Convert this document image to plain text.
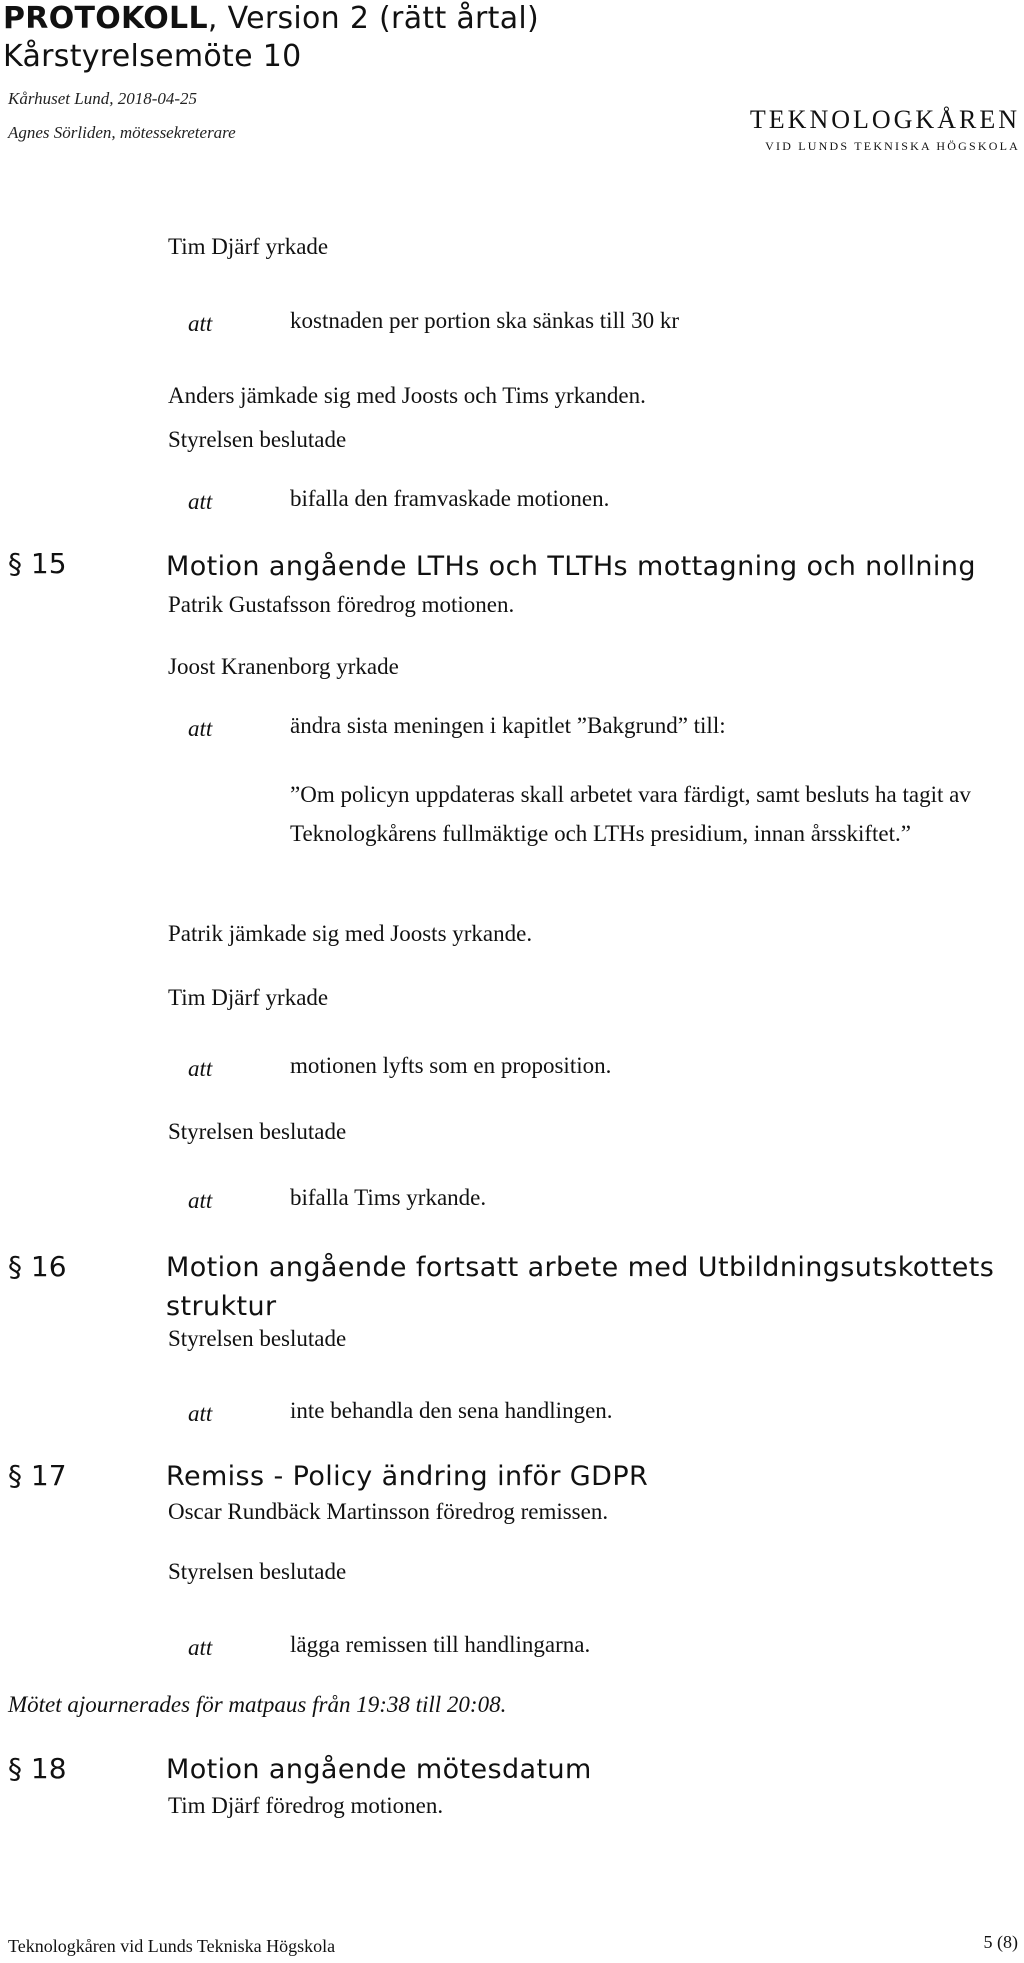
PROTOKOLL, Version 2 (rätt årtal)
Kårstyrelsemöte 10
Kårhuset Lund, 2018-04-25
Agnes Sörliden, mötessekreterare	TEKNOLOGKÅREN
VID LUNDS TEKNISKA HÖGSKOLA
Tim Djärf yrkade
att	kostnaden per portion ska sänkas till 30 kr
Anders jämkade sig med Joosts och Tims yrkanden.
Styrelsen beslutade
att	bifalla den framvaskade motionen.
§ 15	Motion angående LTHs och TLTHs mottagning och nollning
Patrik Gustafsson föredrog motionen.
Joost Kranenborg yrkade
att	ändra sista meningen i kapitlet ”Bakgrund” till:
”Om policyn uppdateras skall arbetet vara färdigt, samt besluts ha tagit av Teknologkårens fullmäktige och LTHs presidium, innan årsskiftet.”
Patrik jämkade sig med Joosts yrkande.
Tim Djärf yrkade
att	motionen lyfts som en proposition.
Styrelsen beslutade
att	bifalla Tims yrkande.
§ 16	Motion angående fortsatt arbete med Utbildningsutskottets
struktur
Styrelsen beslutade
att	inte behandla den sena handlingen.
§ 17	Remiss - Policy ändring inför GDPR
Oscar Rundbäck Martinsson föredrog remissen.
Styrelsen beslutade
att	lägga remissen till handlingarna.
Mötet ajournerades för matpaus från 19:38 till 20:08.
§ 18	Motion angående mötesdatum
Tim Djärf föredrog motionen.
Teknologkåren vid Lunds Tekniska Högskola	5 (8)
